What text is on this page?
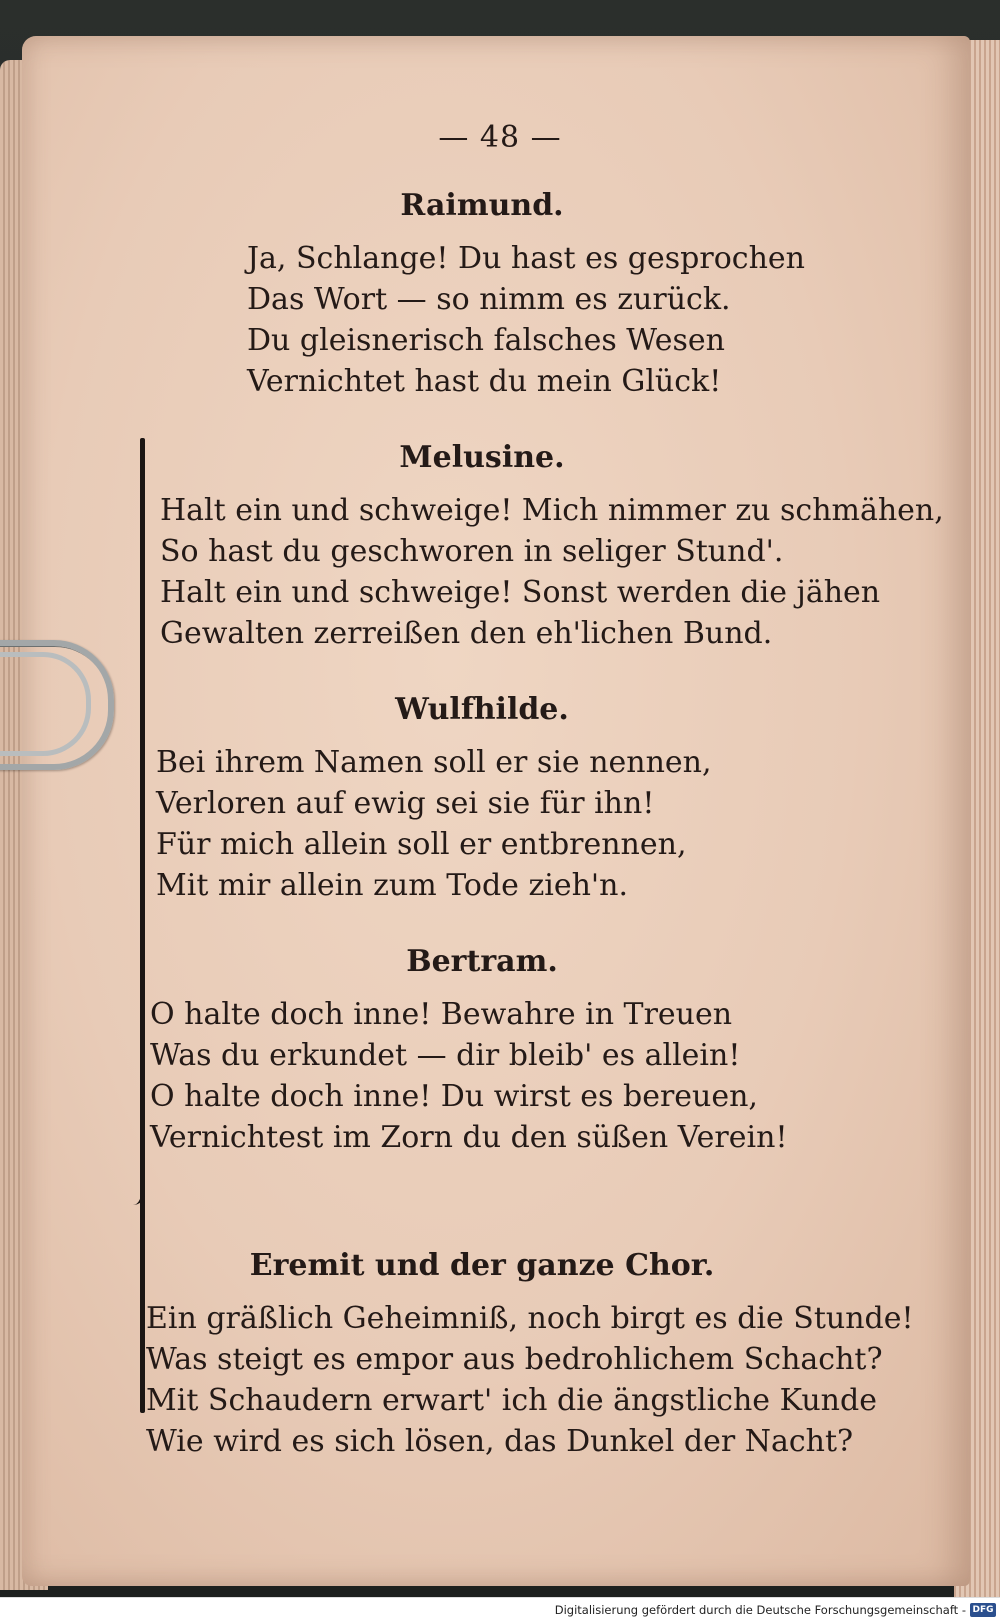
— 48 —
Raimund.
Ja, Schlange! Du hast es gesprochen
Das Wort — so nimm es zurück.
Du gleisnerisch falsches Wesen
Vernichtet hast du mein Glück!
Melusine.
Halt ein und schweige! Mich nimmer zu schmähen,
So hast du geschworen in seliger Stund'.
Halt ein und schweige! Sonst werden die jähen
Gewalten zerreißen den eh'lichen Bund.
Wulfhilde.
Bei ihrem Namen soll er sie nennen,
Verloren auf ewig sei sie für ihn!
Für mich allein soll er entbrennen,
Mit mir allein zum Tode zieh'n.
Bertram.
O halte doch inne! Bewahre in Treuen
Was du erkundet — dir bleib' es allein!
O halte doch inne! Du wirst es bereuen,
Vernichtest im Zorn du den süßen Verein!
Eremit und der ganze Chor.
Ein gräßlich Geheimniß, noch birgt es die Stunde!
Was steigt es empor aus bedrohlichem Schacht?
Mit Schaudern erwart' ich die ängstliche Kunde
Wie wird es sich lösen, das Dunkel der Nacht?
Digitalisierung gefördert durch die Deutsche Forschungsgemeinschaft - DFG
